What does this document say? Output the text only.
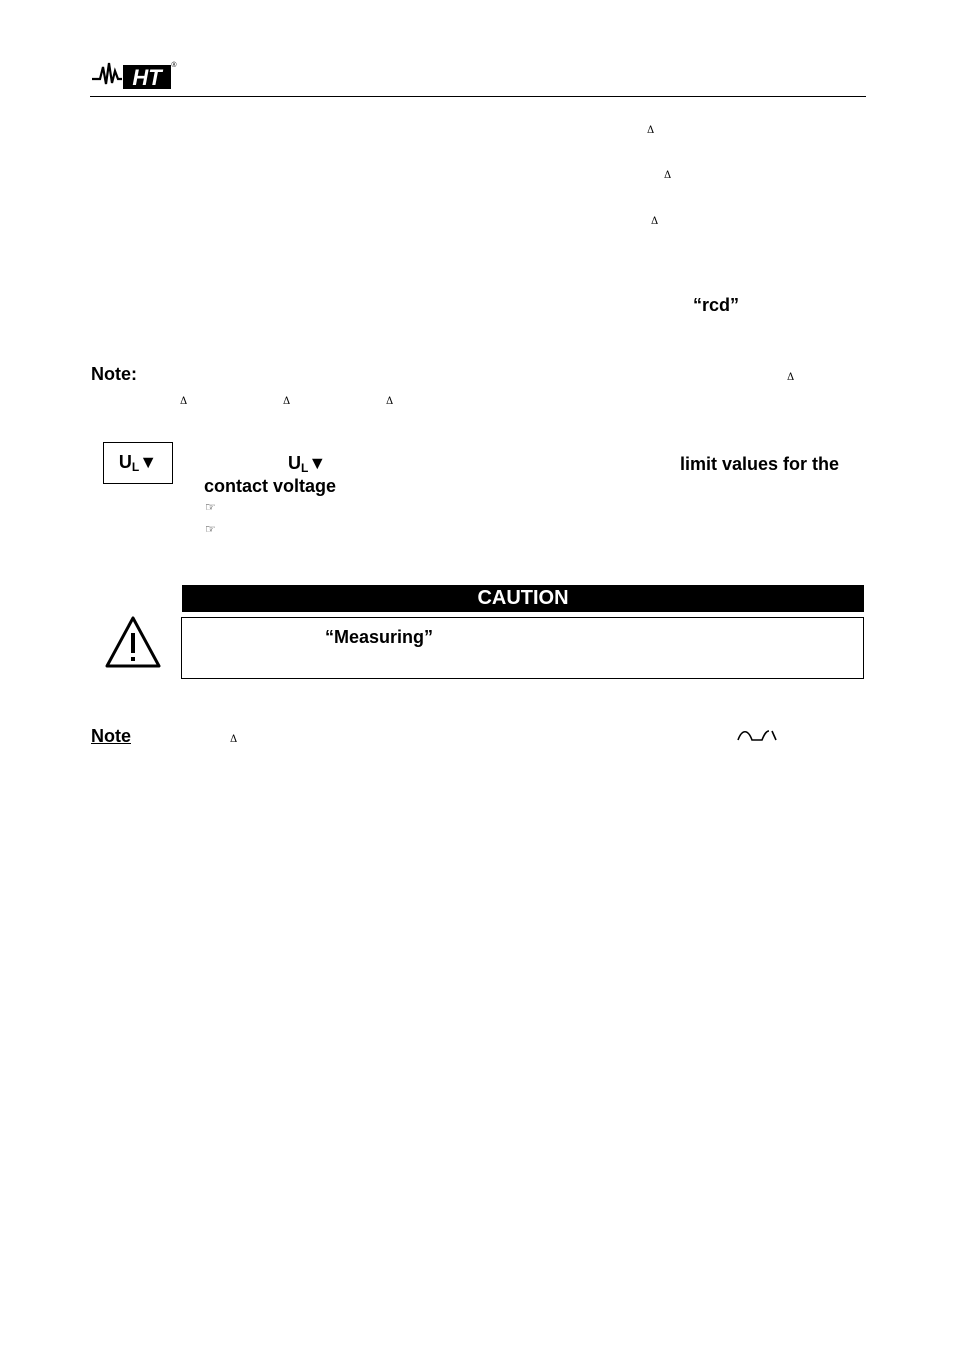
HT ®
Δ
Δ
Δ
“rcd”
Note:	Δ
Δ	Δ	Δ
$U_L▼$	$U_L▼$	limit values for the
contact voltage
☞
☞
CAUTION
“Measuring”
Note	Δ
